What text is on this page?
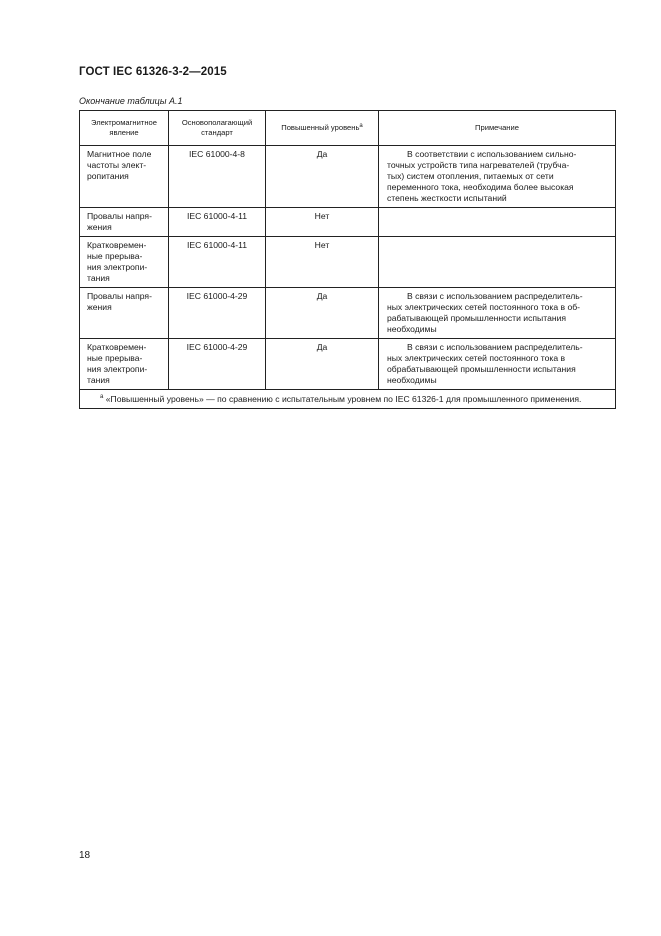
ГОСТ IEC 61326-3-2—2015
Окончание таблицы А.1
Электромагнитное явление	Основополагающий стандарт	Повышенный уровень$^а$	Примечание
Магнитное поле
частоты элект-
ропитания	IEC 61000-4-8	Да	В соответствии с использованием сильно-
точных устройств типа нагревателей (трубча-
тых) систем отопления, питаемых от сети
переменного тока, необходима более высокая
степень жесткости испытаний

Провалы напря-
жения	IEC 61000-4-11	Нет	

Кратковремен-
ные прерыва-
ния электропи-
тания	IEC 61000-4-11	Нет	

Провалы напря-
жения	IEC 61000-4-29	Да	В связи с использованием распределитель-
ных электрических сетей постоянного тока в об-
рабатывающей промышленности испытания
необходимы

Кратковремен-
ные прерыва-
ния электропи-
тания	IEC 61000-4-29	Да	В связи с использованием распределитель-
ных электрических сетей постоянного тока в
обрабатывающей промышленности испытания
необходимы

$^а$ «Повышенный уровень» — по сравнению с испытательным уровнем по IEC 61326-1 для промышленного применения.			
18
